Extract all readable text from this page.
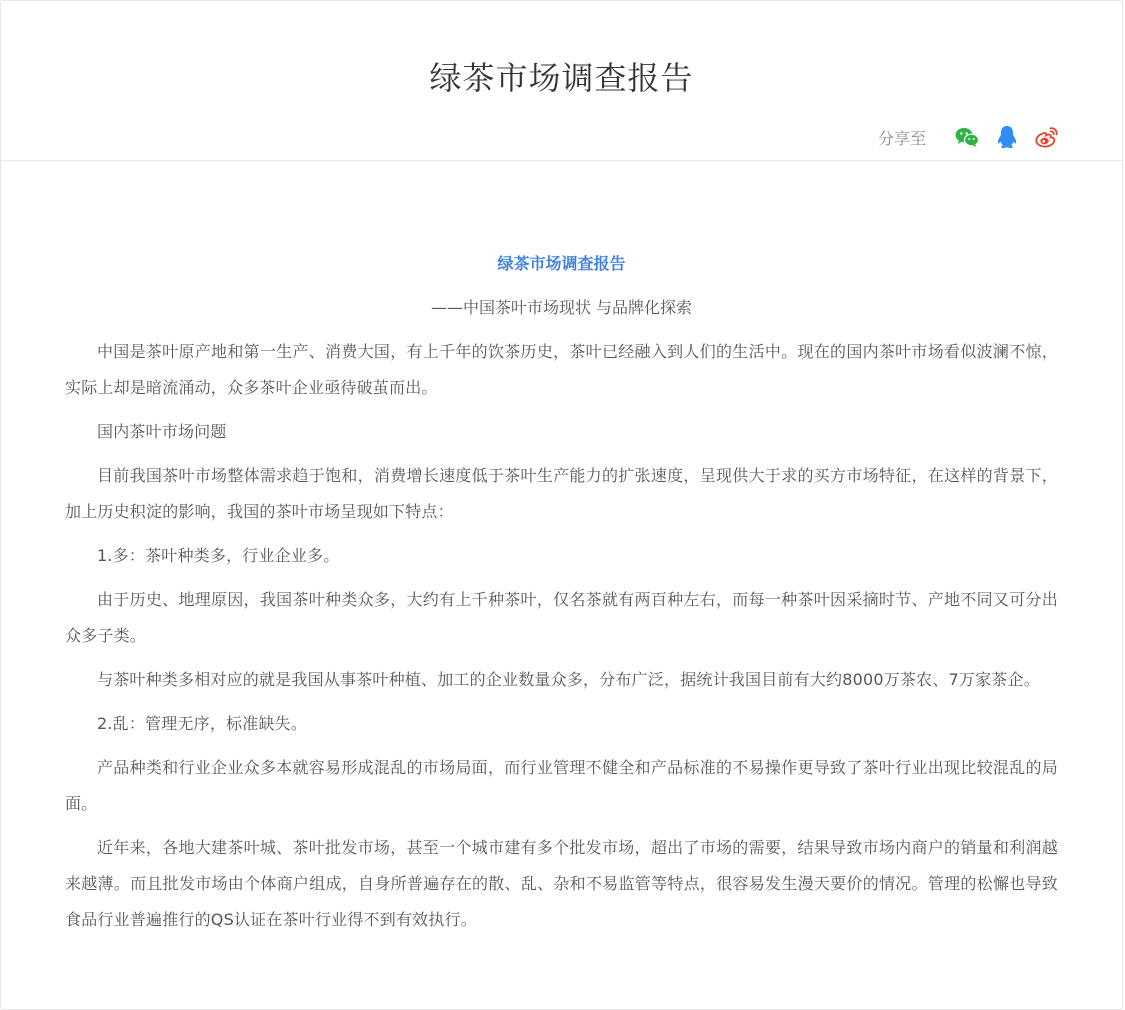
绿茶市场调查报告
分享至
绿茶市场调查报告

——中国茶叶市场现状 与品牌化探索

中国是茶叶原产地和第一生产、消费大国，有上千年的饮茶历史，茶叶已经融入到人们的生活中。现在的国内茶叶市场看似波澜不惊，实际上却是暗流涌动，众多茶叶企业亟待破茧而出。

国内茶叶市场问题

目前我国茶叶市场整体需求趋于饱和，消费增长速度低于茶叶生产能力的扩张速度，呈现供大于求的买方市场特征，在这样的背景下，加上历史积淀的影响，我国的茶叶市场呈现如下特点：

1.多：茶叶种类多，行业企业多。

由于历史、地理原因，我国茶叶种类众多，大约有上千种茶叶，仅名茶就有两百种左右，而每一种茶叶因采摘时节、产地不同又可分出众多子类。

与茶叶种类多相对应的就是我国从事茶叶种植、加工的企业数量众多，分布广泛，据统计我国目前有大约8000万茶农、7万家茶企。

2.乱：管理无序，标准缺失。

产品种类和行业企业众多本就容易形成混乱的市场局面，而行业管理不健全和产品标准的不易操作更导致了茶叶行业出现比较混乱的局面。

近年来，各地大建茶叶城、茶叶批发市场，甚至一个城市建有多个批发市场，超出了市场的需要，结果导致市场内商户的销量和利润越来越薄。而且批发市场由个体商户组成，自身所普遍存在的散、乱、杂和不易监管等特点，很容易发生漫天要价的情况。管理的松懈也导致食品行业普遍推行的QS认证在茶叶行业得不到有效执行。
